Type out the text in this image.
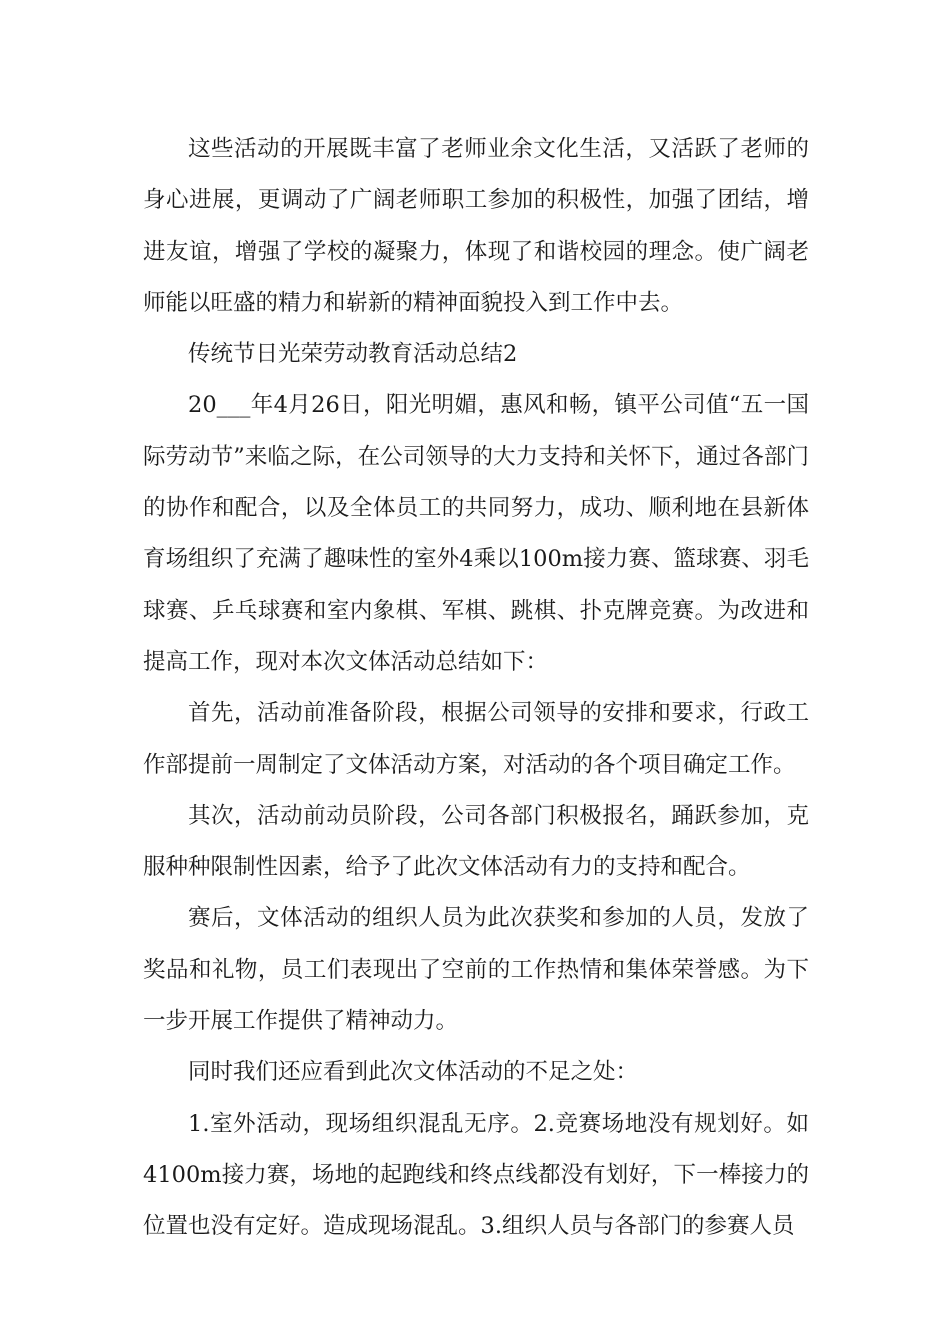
这些活动的开展既丰富了老师业余文化生活，又活跃了老师的身心进展，更调动了广阔老师职工参加的积极性，加强了团结，增进友谊，增强了学校的凝聚力，体现了和谐校园的理念。使广阔老师能以旺盛的精力和崭新的精神面貌投入到工作中去。

传统节日光荣劳动教育活动总结2

20___年4月26日，阳光明媚，惠风和畅，镇平公司值“五一国际劳动节”来临之际，在公司领导的大力支持和关怀下，通过各部门的协作和配合，以及全体员工的共同努力，成功、顺利地在县新体育场组织了充满了趣味性的室外4乘以100m接力赛、篮球赛、羽毛球赛、乒乓球赛和室内象棋、军棋、跳棋、扑克牌竞赛。为改进和提高工作，现对本次文体活动总结如下：

首先，活动前准备阶段，根据公司领导的安排和要求，行政工作部提前一周制定了文体活动方案，对活动的各个项目确定工作。

其次，活动前动员阶段，公司各部门积极报名，踊跃参加，克服种种限制性因素，给予了此次文体活动有力的支持和配合。

赛后，文体活动的组织人员为此次获奖和参加的人员，发放了奖品和礼物，员工们表现出了空前的工作热情和集体荣誉感。为下一步开展工作提供了精神动力。

同时我们还应看到此次文体活动的不足之处：

1.室外活动，现场组织混乱无序。2.竞赛场地没有规划好。如4100m接力赛，场地的起跑线和终点线都没有划好，下一棒接力的位置也没有定好。造成现场混乱。3.组织人员与各部门的参赛人员
